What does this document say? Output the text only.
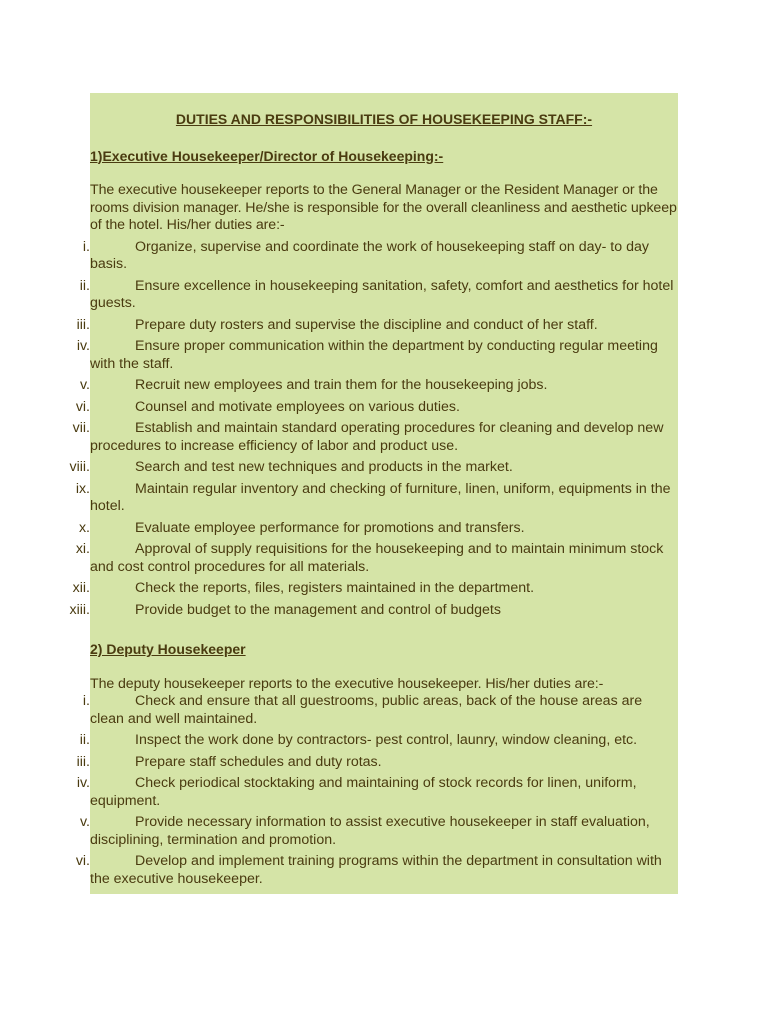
DUTIES AND RESPONSIBILITIES OF HOUSEKEEPING STAFF:-
1)Executive Housekeeper/Director of Housekeeping:-
The executive housekeeper reports to the General Manager or the Resident Manager or the rooms division manager. He/she is responsible for the overall cleanliness and aesthetic upkeep of the hotel. His/her duties are:-
i.	Organize, supervise and coordinate the work of housekeeping staff on day- to day basis.
ii.	Ensure excellence in housekeeping sanitation, safety, comfort and aesthetics for hotel guests.
iii.	Prepare duty rosters and supervise the discipline and conduct of her staff.
iv.	Ensure proper communication within the department by conducting regular meeting with the staff.
v.	Recruit new employees and train them for the housekeeping jobs.
vi.	Counsel and motivate employees on various duties.
vii.	Establish and maintain standard operating procedures for cleaning and develop new procedures to increase efficiency of labor and product use.
viii.	Search and test new techniques and products in the market.
ix.	Maintain regular inventory and checking of furniture, linen, uniform, equipments in the hotel.
x.	Evaluate employee performance for promotions and transfers.
xi.	Approval of supply requisitions for the housekeeping and to maintain minimum stock and cost control procedures for all materials.
xii.	Check the reports, files, registers maintained in the department.
xiii.	Provide budget to the management and control of budgets
2) Deputy Housekeeper
The deputy housekeeper reports to the executive housekeeper. His/her duties are:-
i.	Check and ensure that all guestrooms, public areas, back of the house areas are clean and well maintained.
ii.	Inspect the work done by contractors- pest control, launry, window cleaning, etc.
iii.	Prepare staff schedules and duty rotas.
iv.	Check periodical stocktaking and maintaining of stock records for linen, uniform, equipment.
v.	Provide necessary information to assist executive housekeeper in staff evaluation, disciplining, termination and promotion.
vi.	Develop and implement training programs within the department in consultation with the executive housekeeper.
